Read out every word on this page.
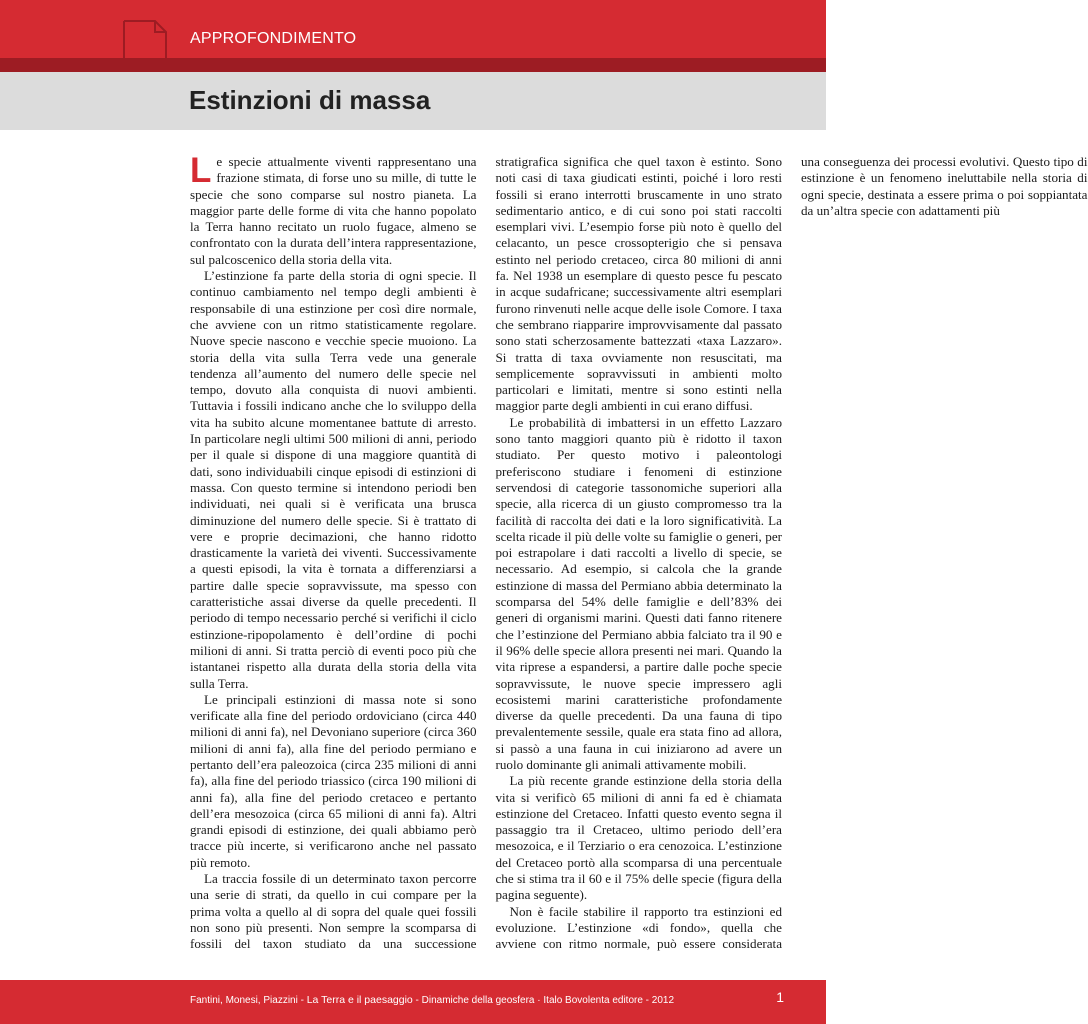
APPROFONDIMENTO
Estinzioni di massa

Le specie attualmente viventi rappresentano una frazione stimata, di forse uno su mille, di tutte le specie che sono comparse sul nostro pianeta. La maggior parte delle forme di vita che hanno popolato la Terra hanno recitato un ruolo fugace, almeno se confrontato con la durata dell’intera rappresentazione, sul palcoscenico della storia della vita.

L’estinzione fa parte della storia di ogni specie. Il continuo cambiamento nel tempo degli ambienti è responsabile di una estinzione per così dire normale, che avviene con un ritmo statisticamente regolare. Nuove specie nascono e vecchie specie muoiono. La storia della vita sulla Terra vede una generale tendenza all’aumento del numero delle specie nel tempo, dovuto alla conquista di nuovi ambienti. Tuttavia i fossili indicano anche che lo sviluppo della vita ha subito alcune momentanee battute di arresto. In particolare negli ultimi 500 milioni di anni, periodo per il quale si dispone di una maggiore quantità di dati, sono individuabili cinque episodi di estinzioni di massa. Con questo termine si intendono periodi ben individuati, nei quali si è verificata una brusca diminuzione del numero delle specie. Si è trattato di vere e proprie decimazioni, che hanno ridotto drasticamente la varietà dei viventi. Successivamente a questi episodi, la vita è tornata a differenziarsi a partire dalle specie sopravvissute, ma spesso con caratteristiche assai diverse da quelle precedenti. Il periodo di tempo necessario perché si verifichi il ciclo estinzione-ripopolamento è dell’ordine di pochi milioni di anni. Si tratta perciò di eventi poco più che istantanei rispetto alla durata della storia della vita sulla Terra.

Le principali estinzioni di massa note si sono verificate alla fine del periodo ordoviciano (circa 440 milioni di anni fa), nel Devoniano superiore (circa 360 milioni di anni fa), alla fine del periodo permiano e pertanto dell’era paleozoica (circa 235 milioni di anni fa), alla fine del periodo triassico (circa 190 milioni di anni fa), alla fine del periodo cretaceo e pertanto dell’era mesozoica (circa 65 milioni di anni fa). Altri grandi episodi di estinzione, dei quali abbiamo però tracce più incerte, si verificarono anche nel passato più remoto.

La traccia fossile di un determinato taxon percorre una serie di strati, da quello in cui compare per la prima volta a quello al di sopra del quale quei fossili non sono più presenti. Non sempre la scomparsa di fossili del taxon studiato da una successione stratigrafica significa che quel taxon è estinto. Sono noti casi di taxa giudicati estinti, poiché i loro resti fossili si erano interrotti bruscamente in uno strato sedimentario antico, e di cui sono poi stati raccolti esemplari vivi. L’esempio forse più noto è quello del celacanto, un pesce crossopterigio che si pensava estinto nel periodo cretaceo, circa 80 milioni di anni fa. Nel 1938 un esemplare di questo pesce fu pescato in acque sudafricane; successivamente altri esemplari furono rinvenuti nelle acque delle isole Comore. I taxa che sembrano riapparire improvvisamente dal passato sono stati scherzosamente battezzati «taxa Lazzaro». Si tratta di taxa ovviamente non resuscitati, ma semplicemente sopravvissuti in ambienti molto particolari e limitati, mentre si sono estinti nella maggior parte degli ambienti in cui erano diffusi.

Le probabilità di imbattersi in un effetto Lazzaro sono tanto maggiori quanto più è ridotto il taxon studiato. Per questo motivo i paleontologi preferiscono studiare i fenomeni di estinzione servendosi di categorie tassonomiche superiori alla specie, alla ricerca di un giusto compromesso tra la facilità di raccolta dei dati e la loro significatività. La scelta ricade il più delle volte su famiglie o generi, per poi estrapolare i dati raccolti a livello di specie, se necessario. Ad esempio, si calcola che la grande estinzione di massa del Permiano abbia determinato la scomparsa del 54% delle famiglie e dell’83% dei generi di organismi marini. Questi dati fanno ritenere che l’estinzione del Permiano abbia falciato tra il 90 e il 96% delle specie allora presenti nei mari. Quando la vita riprese a espandersi, a partire dalle poche specie sopravvissute, le nuove specie impressero agli ecosistemi marini caratteristiche profondamente diverse da quelle precedenti. Da una fauna di tipo prevalentemente sessile, quale era stata fino ad allora, si passò a una fauna in cui iniziarono ad avere un ruolo dominante gli animali attivamente mobili.

La più recente grande estinzione della storia della vita si verificò 65 milioni di anni fa ed è chiamata estinzione del Cretaceo. Infatti questo evento segna il passaggio tra il Cretaceo, ultimo periodo dell’era mesozoica, e il Terziario o era cenozoica. L’estinzione del Cretaceo portò alla scomparsa di una percentuale che si stima tra il 60 e il 75% delle specie (figura della pagina seguente).

Non è facile stabilire il rapporto tra estinzioni ed evoluzione. L’estinzione «di fondo», quella che avviene con ritmo normale, può essere considerata una conseguenza dei processi evolutivi. Questo tipo di estinzione è un fenomeno ineluttabile nella storia di ogni specie, destinata a essere prima o poi soppiantata da un’altra specie con adattamenti più

Fantini, Monesi, Piazzini - La Terra e il paesaggio - Dinamiche della geosfera · Italo Bovolenta editore - 2012	1
